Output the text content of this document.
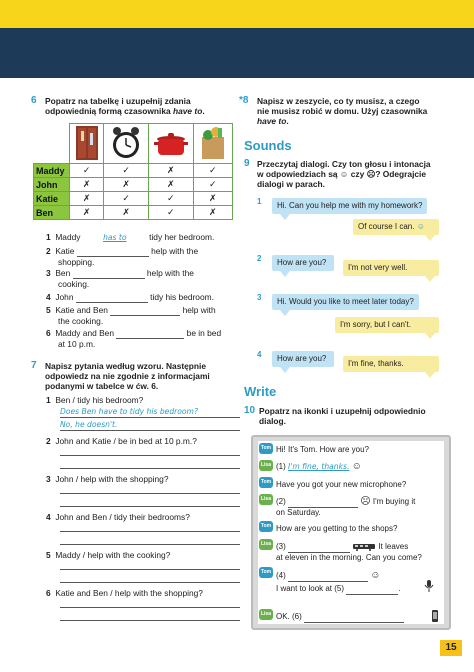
6 Popatrz na tabelkę i uzupełnij zdania
odpowiednią formą czasownika have to.

Maddy	✓	✓	✗	✓
John	✗	✗	✗	✓
Katie	✗	✓	✓	✗
Ben	✗	✗	✓	✗
1 Maddy	has to tidy her bedroom.
2 Katie	help with the
shopping.
3 Ben	help with the
cooking.
4 John	tidy his bedroom.
5 Katie and Ben	help with
the cooking.
6 Maddy and Ben	be in bed
at 10 p.m.
7 Napisz pytania według wzoru. Następnie
odpowiedz na nie zgodnie z informacjami
podanymi w tabelce w ćw. 6.
1 Ben / tidy his bedroom?
Does Ben have to tidy his bedroom?
No, he doesn't.
2 John and Katie / be in bed at 10 p.m.?
3 John / help with the shopping?
4 John and Ben / tidy their bedrooms?
5 Maddy / help with the cooking?
6 Katie and Ben / help with the shopping?
*8 Napisz w zeszycie, co ty musisz, a czego
nie musisz robić w domu. Użyj czasownika
have to.
Sounds
9 Przeczytaj dialogi. Czy ton głosu i intonacja
w odpowiedziach są ☺ czy ☹? Odegrajcie
dialogi w parach.
1	Hi. Can you help me with my homework?
Of course I can. ☺
2	How are you?
I'm not very well.
3	Hi. Would you like to meet later today?
I'm sorry, but I can't.
4	How are you?
I'm fine, thanks.
Write
10 Popatrz na ikonki i uzupełnij odpowiednio
dialog.
Tom Hi! It's Tom. How are you?
Lisa (1) I'm fine, thanks. ☺
Tom Have you got your new microphone?
Lisa (2)	☹ I'm buying it
on Saturday.
Tom How are you getting to the shops?
Lisa (3)	It leaves
at eleven in the morning. Can you come?
Tom (4)	☺
I want to look at (5)	.
Lisa OK. (6)
15
